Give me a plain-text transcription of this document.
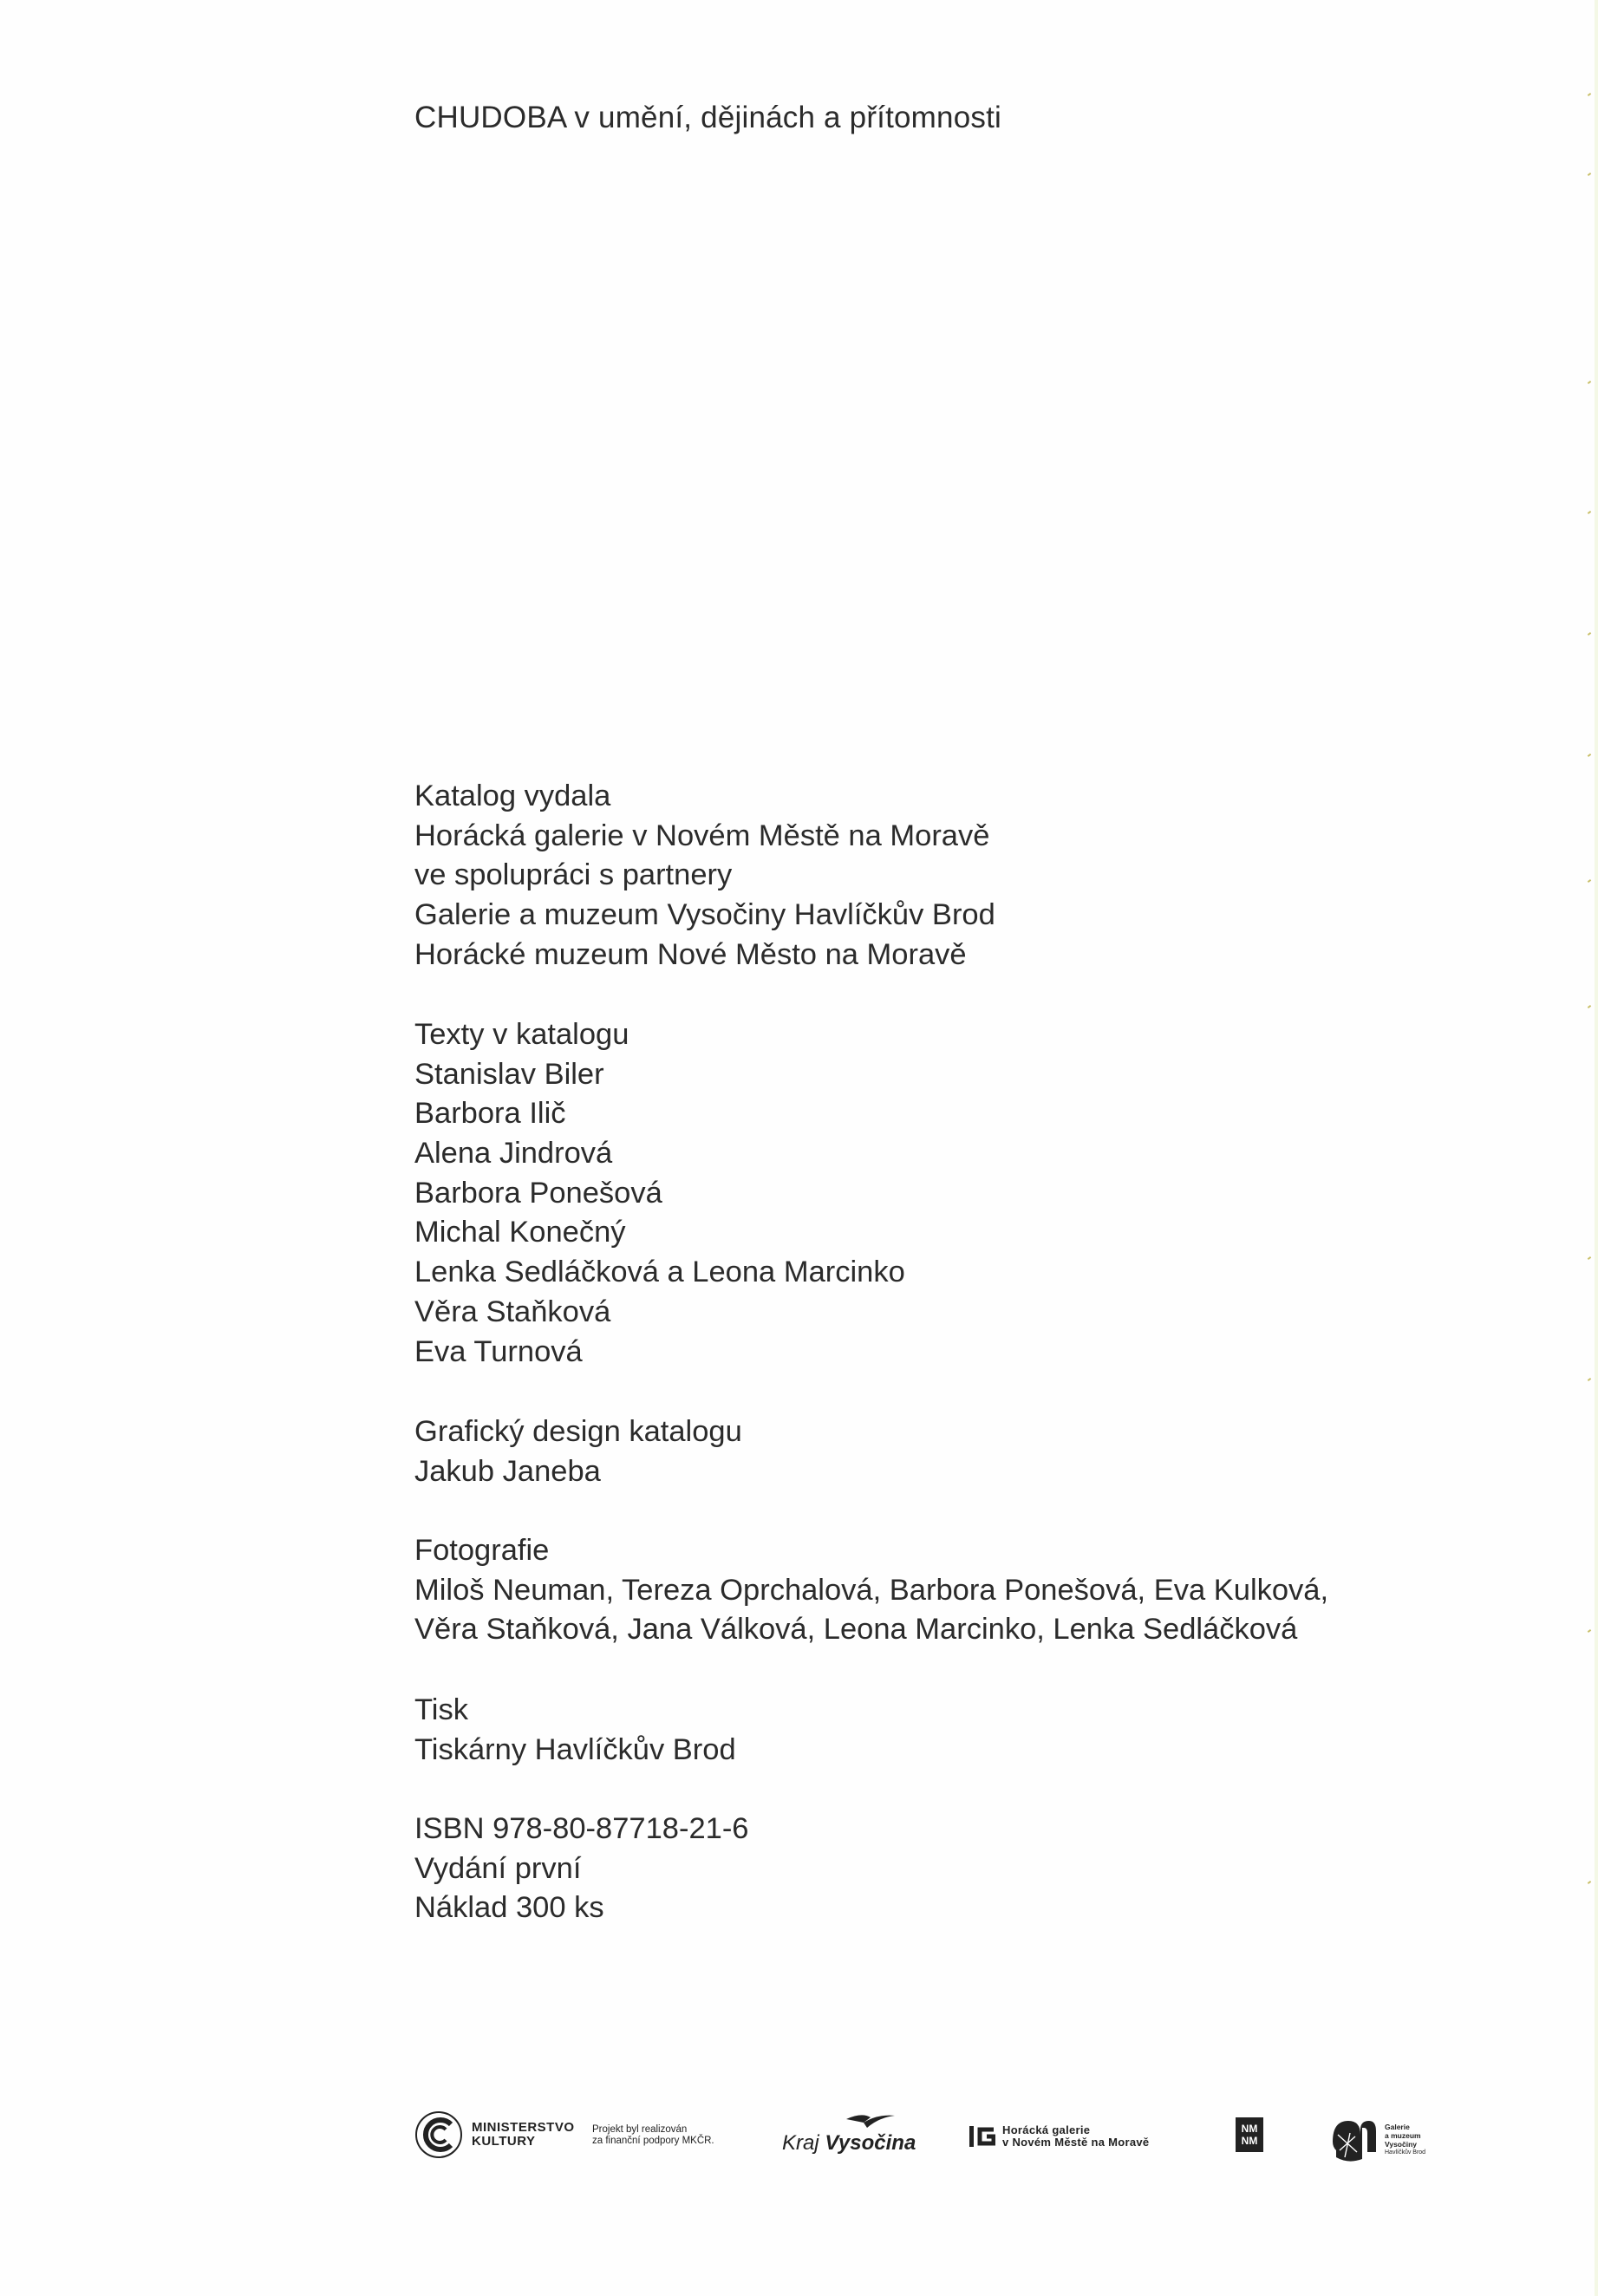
CHUDOBA v umění, dějinách a přítomnosti
Katalog vydala
Horácká galerie v Novém Městě na Moravě
ve spolupráci s partnery
Galerie a muzeum Vysočiny Havlíčkův Brod
Horácké muzeum Nové Město na Moravě
Texty v katalogu
Stanislav Biler
Barbora Ilič
Alena Jindrová
Barbora Ponešová
Michal Konečný
Lenka Sedláčková a Leona Marcinko
Věra Staňková
Eva Turnová
Grafický design katalogu
Jakub Janeba
Fotografie
Miloš Neuman, Tereza Oprchalová, Barbora Ponešová, Eva Kulková,
Věra Staňková, Jana Válková, Leona Marcinko, Lenka Sedláčková
Tisk
Tiskárny Havlíčkův Brod
ISBN 978-80-87718-21-6
Vydání první
Náklad 300 ks
MINISTERSTVO
KULTURY
Projekt byl realizován
za finanční podpory MKČR.	Kraj Vysočina
Horácká galerie
v Novém Městě na Moravě
NM
NM
Galerie
a muzeum
Vysočiny
Havlíčkův Brod
